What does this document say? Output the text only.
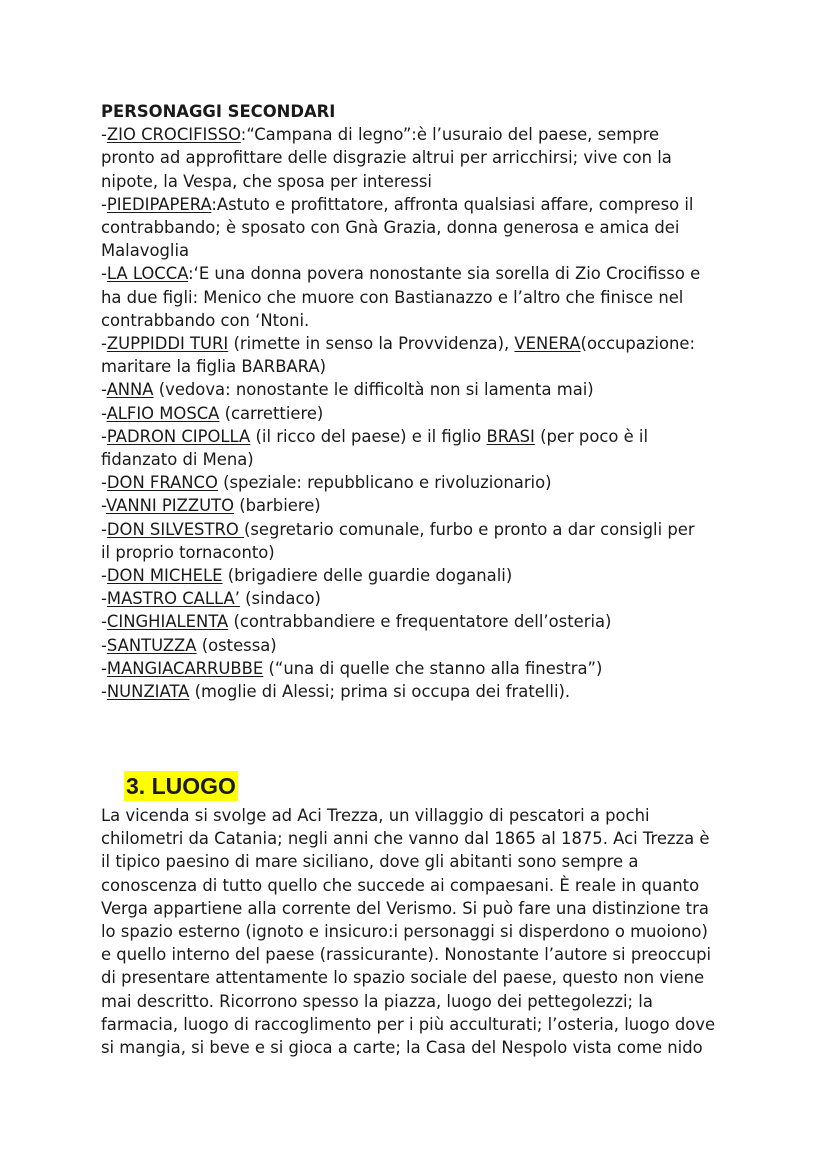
PERSONAGGI SECONDARI
-ZIO CROCIFISSO:“Campana di legno”:è l’usuraio del paese, sempre
pronto ad approfittare delle disgrazie altrui per arricchirsi; vive con la
nipote, la Vespa, che sposa per interessi
-PIEDIPAPERA:Astuto e profittatore, affronta qualsiasi affare, compreso il
contrabbando; è sposato con Gnà Grazia, donna generosa e amica dei
Malavoglia
-LA LOCCA:‘E una donna povera nonostante sia sorella di Zio Crocifisso e
ha due figli: Menico che muore con Bastianazzo e l’altro che finisce nel
contrabbando con ‘Ntoni.
-ZUPPIDDI TURI (rimette in senso la Provvidenza), VENERA(occupazione:
maritare la figlia BARBARA)
-ANNA (vedova: nonostante le difficoltà non si lamenta mai)
-ALFIO MOSCA (carrettiere)
-PADRON CIPOLLA (il ricco del paese) e il figlio BRASI (per poco è il
fidanzato di Mena)
-DON FRANCO (speziale: repubblicano e rivoluzionario)
-VANNI PIZZUTO (barbiere)
-DON SILVESTRO (segretario comunale, furbo e pronto a dar consigli per
il proprio tornaconto)
-DON MICHELE (brigadiere delle guardie doganali)
-MASTRO CALLA’ (sindaco)
-CINGHIALENTA (contrabbandiere e frequentatore dell’osteria)
-SANTUZZA (ostessa)
-MANGIACARRUBBE (“una di quelle che stanno alla finestra”)
-NUNZIATA (moglie di Alessi; prima si occupa dei fratelli).
3. LUOGO
La vicenda si svolge ad Aci Trezza, un villaggio di pescatori a pochi
chilometri da Catania; negli anni che vanno dal 1865 al 1875. Aci Trezza è
il tipico paesino di mare siciliano, dove gli abitanti sono sempre a
conoscenza di tutto quello che succede ai compaesani. È reale in quanto
Verga appartiene alla corrente del Verismo. Si può fare una distinzione tra
lo spazio esterno (ignoto e insicuro:i personaggi si disperdono o muoiono)
e quello interno del paese (rassicurante). Nonostante l’autore si preoccupi
di presentare attentamente lo spazio sociale del paese, questo non viene
mai descritto. Ricorrono spesso la piazza, luogo dei pettegolezzi; la
farmacia, luogo di raccoglimento per i più acculturati; l’osteria, luogo dove
si mangia, si beve e si gioca a carte; la Casa del Nespolo vista come nido
